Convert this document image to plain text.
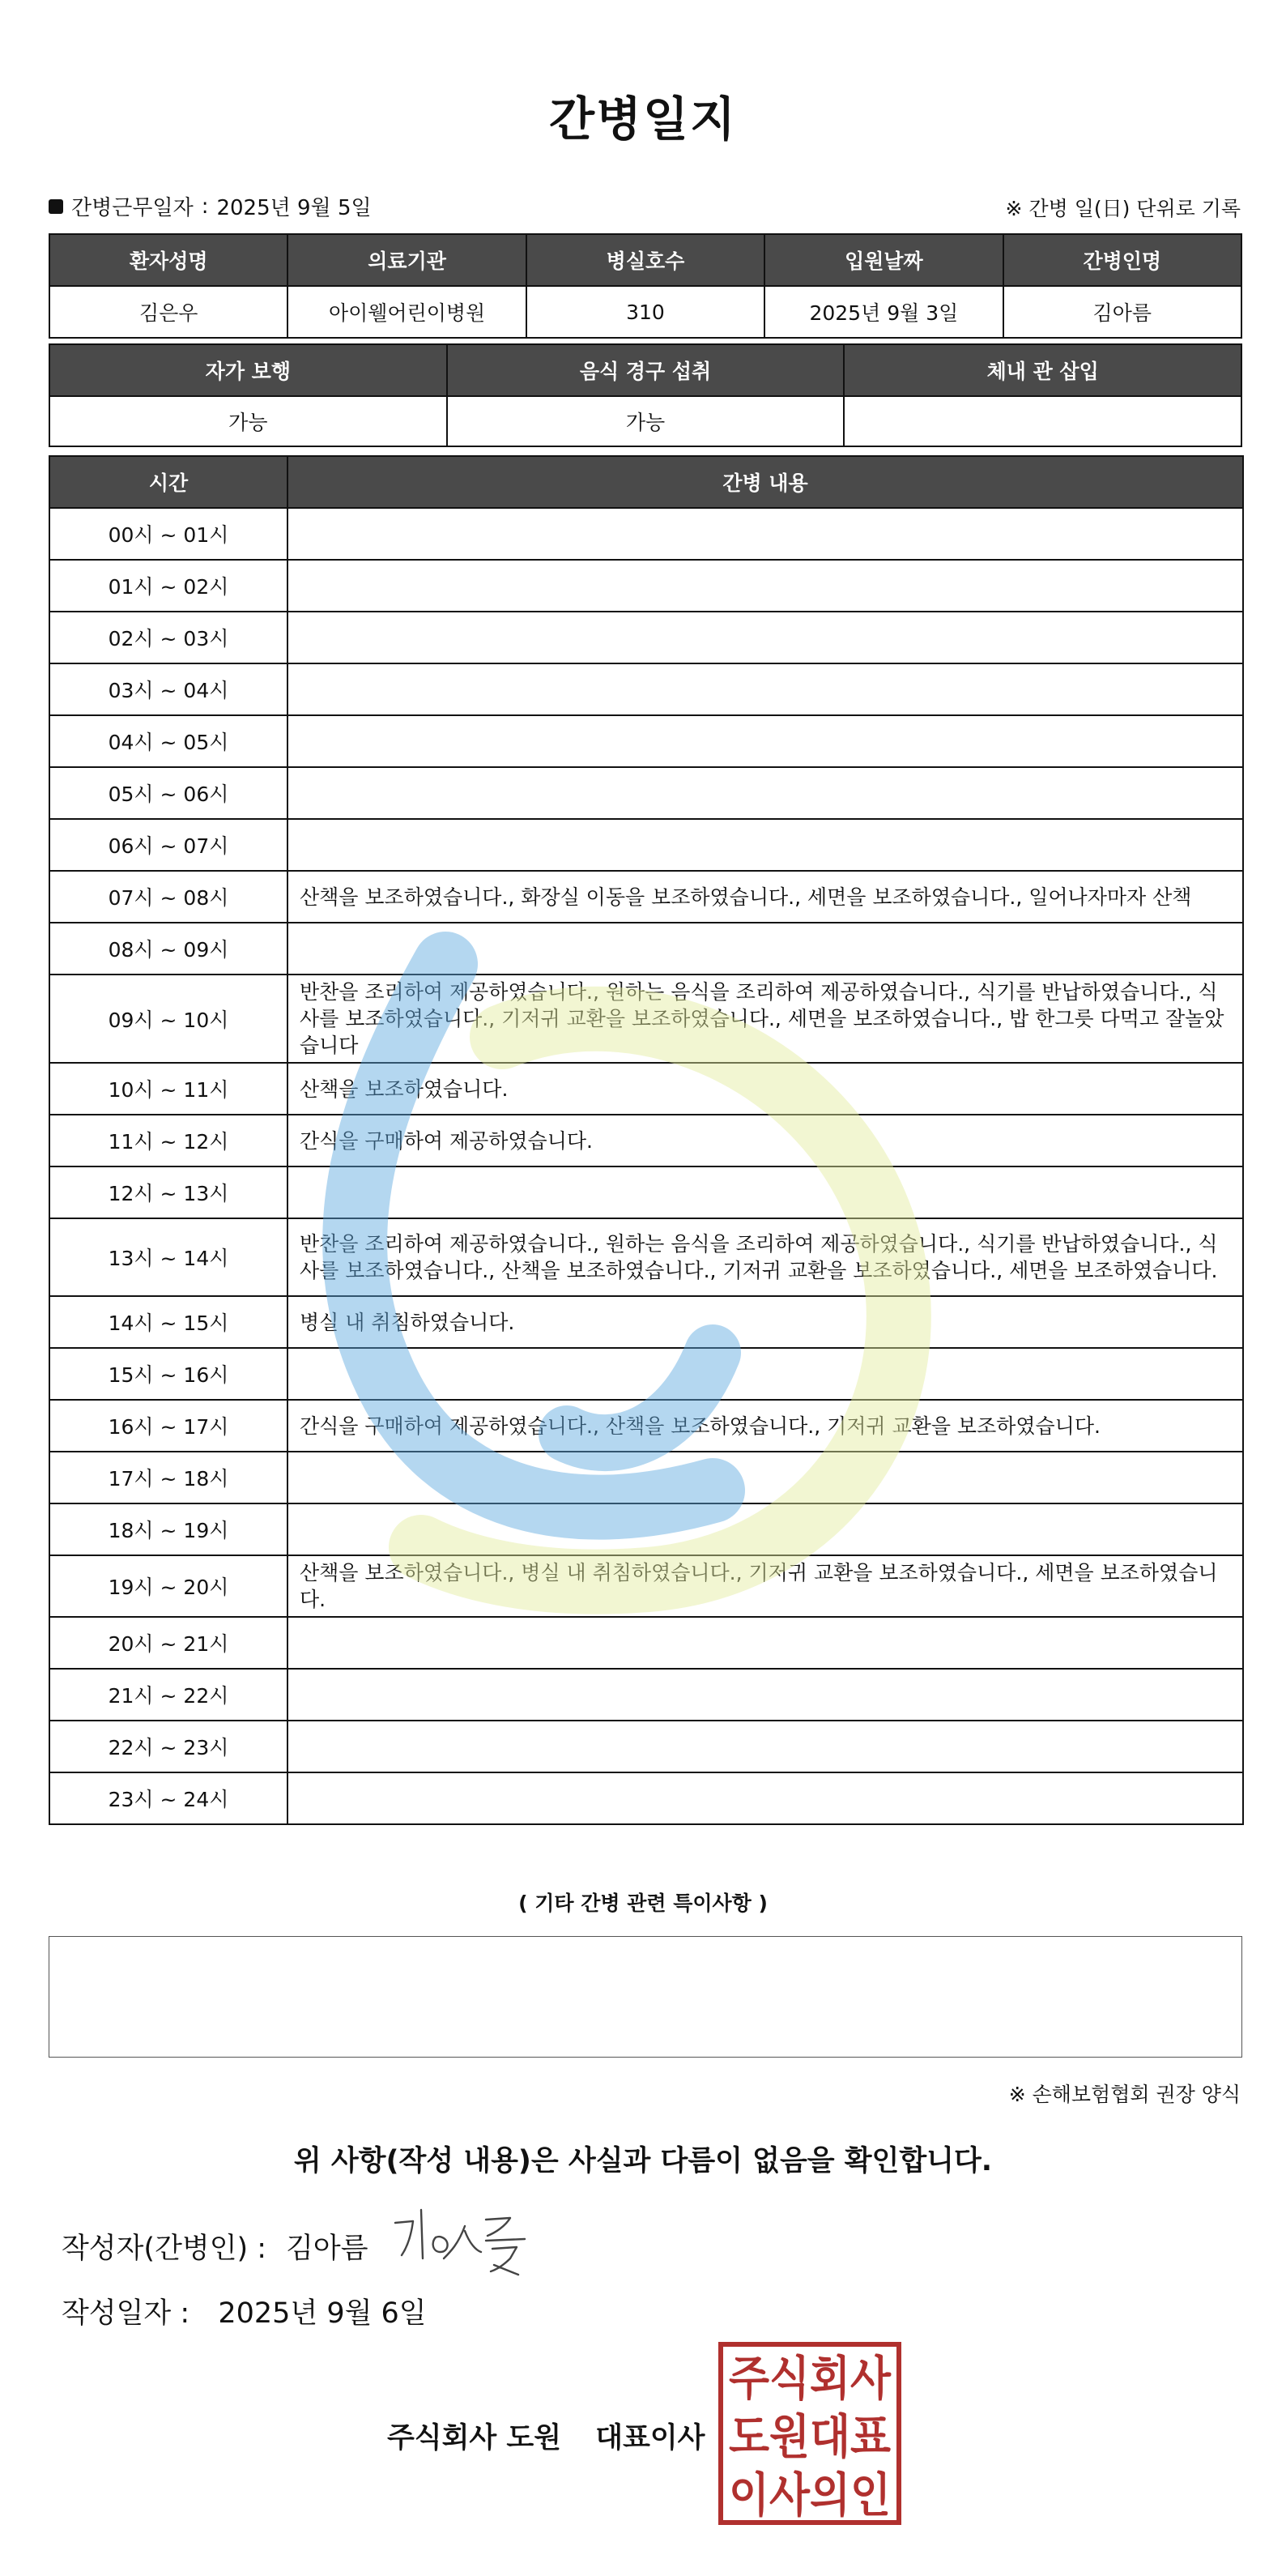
간병일지
간병근무일자 : 2025년 9월 5일	※ 간병 일(日) 단위로 기록
환자성명	의료기관	병실호수	입원날짜	간병인명
김은우	아이웰어린이병원	310	2025년 9월 3일	김아름
자가 보행	음식 경구 섭취	체내 관 삽입
가능	가능	
시간	간병 내용
00시 ~ 01시	
01시 ~ 02시	
02시 ~ 03시	
03시 ~ 04시	
04시 ~ 05시	
05시 ~ 06시	
06시 ~ 07시	
07시 ~ 08시	산책을 보조하였습니다., 화장실 이동을 보조하였습니다., 세면을 보조하였습니다., 일어나자마자 산책
08시 ~ 09시	
09시 ~ 10시	반찬을 조리하여 제공하였습니다., 원하는 음식을 조리하여 제공하였습니다., 식기를 반납하였습니다., 식사를 보조하였습니다., 기저귀 교환을 보조하였습니다., 세면을 보조하였습니다., 밥 한그릇 다먹고 잘놀았습니다
10시 ~ 11시	산책을 보조하였습니다.
11시 ~ 12시	간식을 구매하여 제공하였습니다.
12시 ~ 13시	
13시 ~ 14시	반찬을 조리하여 제공하였습니다., 원하는 음식을 조리하여 제공하였습니다., 식기를 반납하였습니다., 식사를 보조하였습니다., 산책을 보조하였습니다., 기저귀 교환을 보조하였습니다., 세면을 보조하였습니다.
14시 ~ 15시	병실 내 취침하였습니다.
15시 ~ 16시	
16시 ~ 17시	간식을 구매하여 제공하였습니다., 산책을 보조하였습니다., 기저귀 교환을 보조하였습니다.
17시 ~ 18시	
18시 ~ 19시	
19시 ~ 20시	산책을 보조하였습니다., 병실 내 취침하였습니다., 기저귀 교환을 보조하였습니다., 세면을 보조하였습니다.
20시 ~ 21시	
21시 ~ 22시	
22시 ~ 23시	
23시 ~ 24시	
( 기타 간병 관련 특이사항 )
※ 손해보험협회 권장 양식
위 사항(작성 내용)은 사실과 다름이 없음을 확인합니다.
작성자(간병인) : 김아름
작성일자 : 2025년 9월 6일
주식회사 도원 대표이사
주식회사
도원대표
이사의인
